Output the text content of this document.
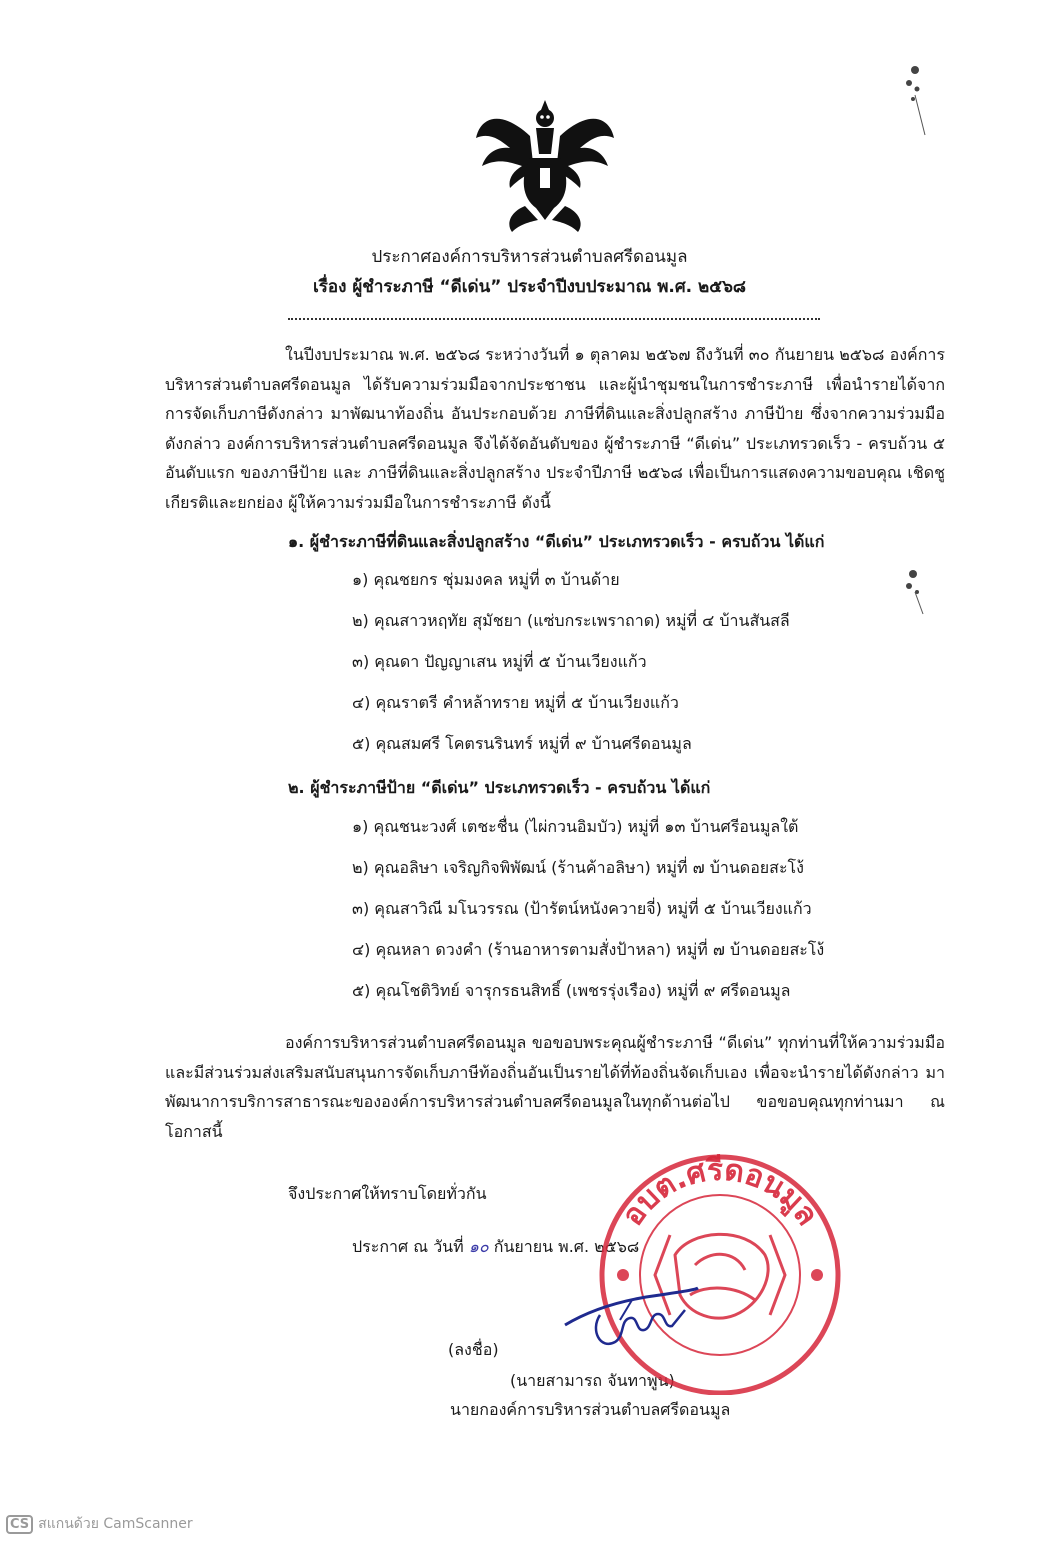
ประกาศองค์การบริหารส่วนตำบลศรีดอนมูล
เรื่อง ผู้ชำระภาษี “ดีเด่น” ประจำปีงบประมาณ พ.ศ. ๒๕๖๘
ในปีงบประมาณ พ.ศ. ๒๕๖๘ ระหว่างวันที่ ๑ ตุลาคม ๒๕๖๗ ถึงวันที่ ๓๐ กันยายน ๒๕๖๘ องค์การบริหารส่วนตำบลศรีดอนมูล ได้รับความร่วมมือจากประชาชน และผู้นำชุมชนในการชำระภาษี เพื่อนำรายได้จากการจัดเก็บภาษีดังกล่าว มาพัฒนาท้องถิ่น อันประกอบด้วย ภาษีที่ดินและสิ่งปลูกสร้าง ภาษีป้าย ซึ่งจากความร่วมมือดังกล่าว องค์การบริหารส่วนตำบลศรีดอนมูล จึงได้จัดอันดับของ ผู้ชำระภาษี “ดีเด่น” ประเภทรวดเร็ว - ครบถ้วน ๕ อันดับแรก ของภาษีป้าย และ ภาษีที่ดินและสิ่งปลูกสร้าง ประจำปีภาษี ๒๕๖๘ เพื่อเป็นการแสดงความขอบคุณ เชิดชูเกียรติและยกย่อง ผู้ให้ความร่วมมือในการชำระภาษี ดังนี้
๑. ผู้ชำระภาษีที่ดินและสิ่งปลูกสร้าง “ดีเด่น” ประเภทรวดเร็ว - ครบถ้วน ได้แก่
๑) คุณชยกร ชุ่มมงคล หมู่ที่ ๓ บ้านด้าย
๒) คุณสาวหฤทัย สุมัชยา (แซ่บกระเพราถาด) หมู่ที่ ๔ บ้านสันสลี
๓) คุณดา ปัญญาเสน หมู่ที่ ๕ บ้านเวียงแก้ว
๔) คุณราตรี คำหล้าทราย หมู่ที่ ๕ บ้านเวียงแก้ว
๕) คุณสมศรี โคตรนรินทร์ หมู่ที่ ๙ บ้านศรีดอนมูล
๒. ผู้ชำระภาษีป้าย “ดีเด่น” ประเภทรวดเร็ว - ครบถ้วน ได้แก่
๑) คุณชนะวงศ์ เตชะชื่น (ไผ่กวนอิมบัว) หมู่ที่ ๑๓ บ้านศรีอนมูลใต้
๒) คุณอลิษา เจริญกิจพิพัฒน์ (ร้านค้าอลิษา) หมู่ที่ ๗ บ้านดอยสะโง้
๓) คุณสาวิณี มโนวรรณ (ป้ารัตน์หนังควายจี่) หมู่ที่ ๕ บ้านเวียงแก้ว
๔) คุณหลา ดวงคำ (ร้านอาหารตามสั่งป้าหลา) หมู่ที่ ๗ บ้านดอยสะโง้
๕) คุณโชติวิทย์ จารุกรธนสิทธิ์ (เพชรรุ่งเรือง) หมู่ที่ ๙ ศรีดอนมูล
องค์การบริหารส่วนตำบลศรีดอนมูล ขอขอบพระคุณผู้ชำระภาษี “ดีเด่น” ทุกท่านที่ให้ความร่วมมือ และมีส่วนร่วมส่งเสริมสนับสนุนการจัดเก็บภาษีท้องถิ่นอันเป็นรายได้ที่ท้องถิ่นจัดเก็บเอง เพื่อจะนำรายได้ดังกล่าว มาพัฒนาการบริการสาธารณะขององค์การบริหารส่วนตำบลศรีดอนมูลในทุกด้านต่อไป ขอขอบคุณทุกท่านมา ณ โอกาสนี้
จึงประกาศให้ทราบโดยทั่วกัน
ประกาศ ณ วันที่ ๑๐ กันยายน พ.ศ. ๒๕๖๘
(ลงชื่อ)
(นายสามารถ จันทาพูน)
นายกองค์การบริหารส่วนตำบลศรีดอนมูล
อบต.ศรีดอนมูล
CS สแกนด้วย CamScanner
